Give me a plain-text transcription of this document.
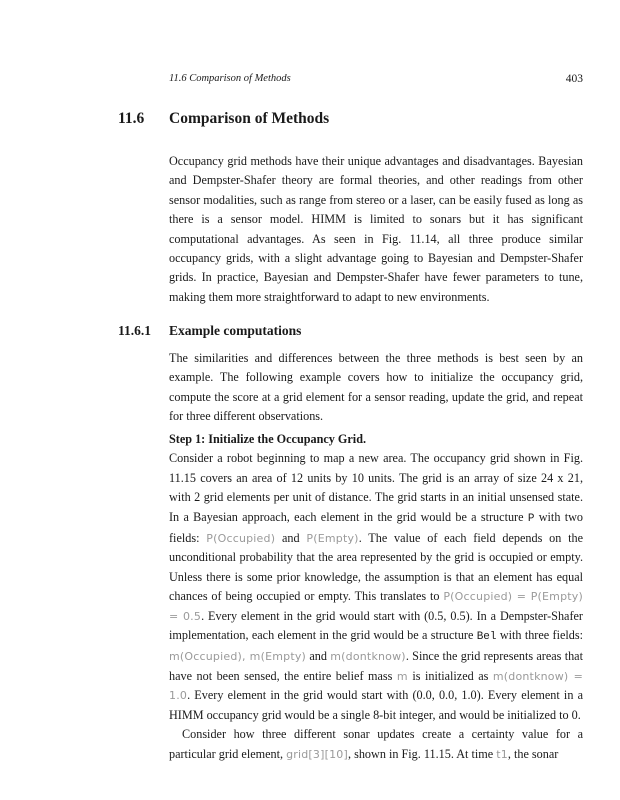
11.6 Comparison of Methods	403
11.6 Comparison of Methods
Occupancy grid methods have their unique advantages and disadvantages. Bayesian and Dempster-Shafer theory are formal theories, and other readings from other sensor modalities, such as range from stereo or a laser, can be easily fused as long as there is a sensor model. HIMM is limited to sonars but it has significant computational advantages. As seen in Fig. 11.14, all three produce similar occupancy grids, with a slight advantage going to Bayesian and Dempster-Shafer grids. In practice, Bayesian and Dempster-Shafer have fewer parameters to tune, making them more straightforward to adapt to new environments.
11.6.1 Example computations
The similarities and differences between the three methods is best seen by an example. The following example covers how to initialize the occupancy grid, compute the score at a grid element for a sensor reading, update the grid, and repeat for three different observations.

Step 1: Initialize the Occupancy Grid.

Consider a robot beginning to map a new area. The occupancy grid shown in Fig. 11.15 covers an area of 12 units by 10 units. The grid is an array of size 24 x 21, with 2 grid elements per unit of distance. The grid starts in an initial unsensed state. In a Bayesian approach, each element in the grid would be a structure P with two fields: P(Occupied) and P(Empty). The value of each field depends on the unconditional probability that the area represented by the grid is occupied or empty. Unless there is some prior knowledge, the assumption is that an element has equal chances of being occupied or empty. This translates to P(Occupied) = P(Empty) = 0.5. Every element in the grid would start with (0.5, 0.5). In a Dempster-Shafer implementation, each element in the grid would be a structure Bel with three fields: m(Occupied), m(Empty) and m(dontknow). Since the grid represents areas that have not been sensed, the entire belief mass m is initialized as m(dontknow) = 1.0. Every element in the grid would start with (0.0, 0.0, 1.0). Every element in a HIMM occupancy grid would be a single 8-bit integer, and would be initialized to 0.

Consider how three different sonar updates create a certainty value for a particular grid element, grid[3][10], shown in Fig. 11.15. At time t1, the sonar
